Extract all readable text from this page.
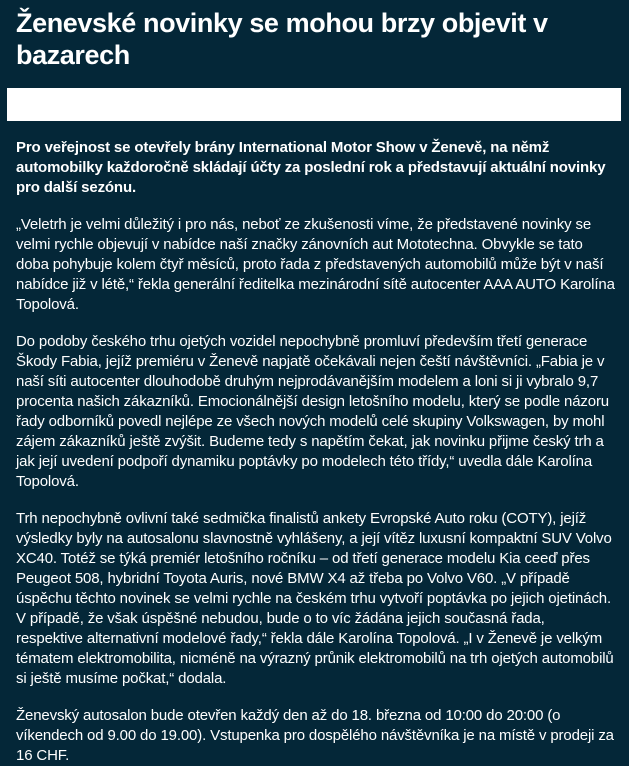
Ženevské novinky se mohou brzy objevit v bazarech

Pro veřejnost se otevřely brány International Motor Show v Ženevě, na němž automobilky každoročně skládají účty za poslední rok a představují aktuální novinky pro další sezónu.

„Veletrh je velmi důležitý i pro nás, neboť ze zkušenosti víme, že představené novinky se velmi rychle objevují v nabídce naší značky zánovních aut Mototechna. Obvykle se tato doba pohybuje kolem čtyř měsíců, proto řada z představených automobilů může být v naší nabídce již v létě,“ řekla generální ředitelka mezinárodní sítě autocenter AAA AUTO Karolína Topolová.

Do podoby českého trhu ojetých vozidel nepochybně promluví především třetí generace Škody Fabia, jejíž premiéru v Ženevě napjatě očekávali nejen čeští návštěvníci. „Fabia je v naší síti autocenter dlouhodobě druhým nejprodávanějším modelem a loni si ji vybralo 9,7 procenta našich zákazníků. Emocionálnější design letošního modelu, který se podle názoru řady odborníků povedl nejlépe ze všech nových modelů celé skupiny Volkswagen, by mohl zájem zákazníků ještě zvýšit. Budeme tedy s napětím čekat, jak novinku přijme český trh a jak její uvedení podpoří dynamiku poptávky po modelech této třídy,“ uvedla dále Karolína Topolová.

Trh nepochybně ovlivní také sedmička finalistů ankety Evropské Auto roku (COTY), jejíž výsledky byly na autosalonu slavnostně vyhlášeny, a její vítěz luxusní kompaktní SUV Volvo XC40. Totéž se týká premiér letošního ročníku – od třetí generace modelu Kia ceeď přes Peugeot 508, hybridní Toyota Auris, nové BMW X4 až třeba po Volvo V60. „V případě úspěchu těchto novinek se velmi rychle na českém trhu vytvoří poptávka po jejich ojetinách. V případě, že však úspěšné nebudou, bude o to víc žádána jejich současná řada, respektive alternativní modelové řady,“ řekla dále Karolína Topolová. „I v Ženevě je velkým tématem elektromobilita, nicméně na výrazný průnik elektromobilů na trh ojetých automobilů si ještě musíme počkat,“ dodala.

Ženevský autosalon bude otevřen každý den až do 18. března od 10:00 do 20:00 (o víkendech od 9.00 do 19.00). Vstupenka pro dospělého návštěvníka je na místě v prodeji za 16 CHF.
